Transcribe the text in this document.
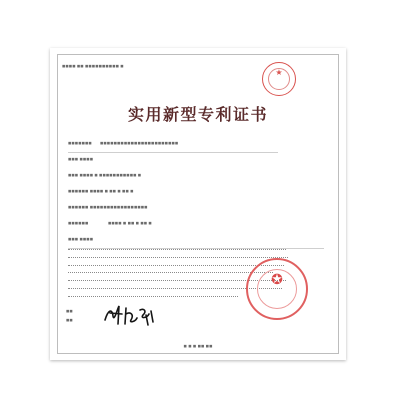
■■■■ ■■ ■■■■■■■■■■ ■
★
实用新型专利证书
■■■■■■■ ■■■■■■■■■■■■■■■■■■■■■■■
■■■ ■■■■
■■■ ■■■■ ■ ■■■■■■■■■■■ ■
■■■■■■ ■■■■ ■ ■■ ■ ■■ ■
■■■■■■ ■■■■■■■■■■■■■■■■■
■■■■■■	■■■■ ■ ■■ ■ ■■ ■
■■■ ■■■■
✪
■■
■■
■ ■ ■ ■■ ■■
